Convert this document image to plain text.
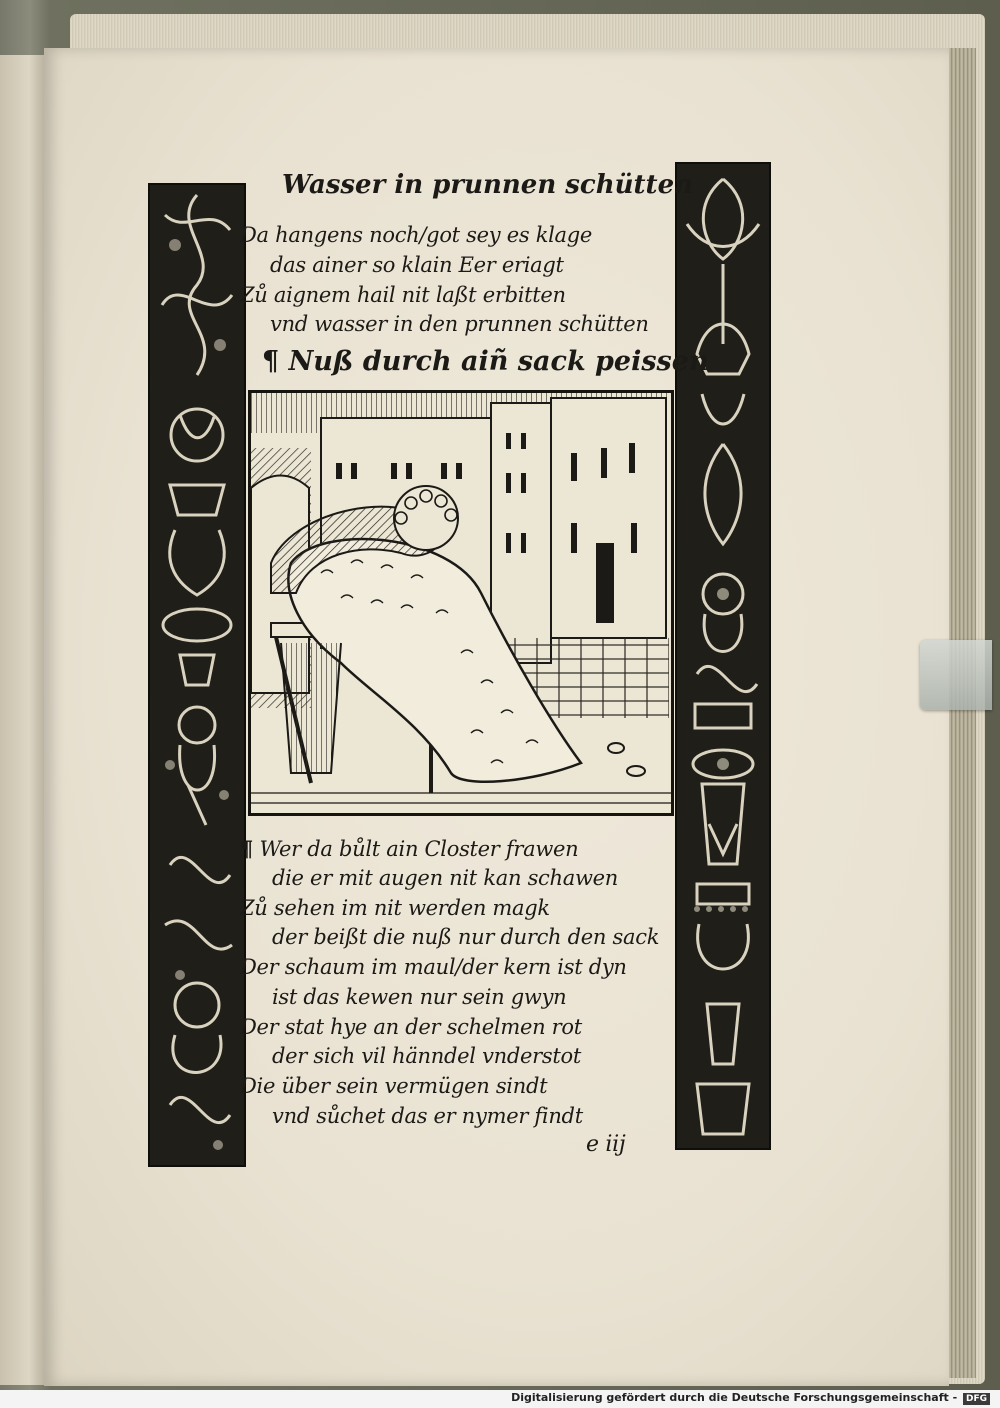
Wasser in prunnen schütten
Da hangens noch/got sey es klage
das ainer so klain Eer eriagt
Zů aignem hail nit laßt erbitten
vnd wasser in den prunnen schütten
¶ Nuß durch aiñ sack peissen
¶ Wer da bůlt ain Closter frawen
die er mit augen nit kan schawen
Zů sehen im nit werden magk
der beißt die nuß nur durch den sack
Der schaum im maul/der kern ist dyn
ist das kewen nur sein gwyn
Der stat hye an der schelmen rot
der sich vil hänndel vnderstot
Die über sein vermügen sindt
vnd sůchet das er nymer findt
e iij
Digitalisierung gefördert durch die Deutsche Forschungsgemeinschaft - DFG
